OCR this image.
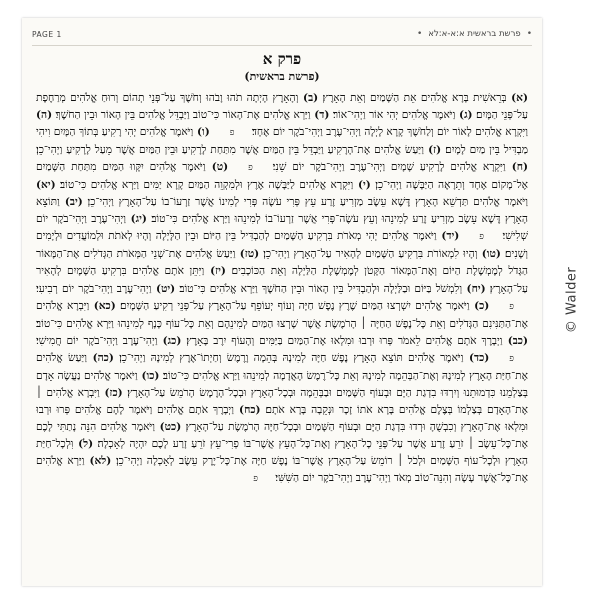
•
פרשת בראשית א:א-א:לא
•
PAGE 1
פרק א
(פרשת בראשית)
(א) בְּרֵאשִׁית בָּרָא אֱלֹהִים אֵת הַשָּׁמַיִם וְאֵת הָאָרֶץ׃ (ב) וְהָאָרֶץ הָיְתָה תֹהוּ וָבֹהוּ וְחֹשֶׁךְ עַל־פְּנֵי תְהוֹם וְרוּחַ אֱלֹהִים מְרַחֶפֶת עַל־פְּנֵי הַמָּיִם׃ (ג) וַיֹּאמֶר אֱלֹהִים יְהִי אוֹר וַיְהִי־אוֹר׃ (ד) וַיַּרְא אֱלֹהִים אֶת־הָאוֹר כִּי־טוֹב וַיַּבְדֵּל אֱלֹהִים בֵּין הָאוֹר וּבֵין הַחֹשֶׁךְ׃ (ה) וַיִּקְרָא אֱלֹהִים לָאוֹר יוֹם וְלַחֹשֶׁךְ קָרָא לָיְלָה וַיְהִי־עֶרֶב וַיְהִי־בֹקֶר יוֹם אֶחָד׃ פ(ו) וַיֹּאמֶר אֱלֹהִים יְהִי רָקִיעַ בְּתוֹךְ הַמָּיִם וִיהִי מַבְדִּיל בֵּין מַיִם לָמָיִם׃ (ז) וַיַּעַשׂ אֱלֹהִים אֶת־הָרָקִיעַ וַיַּבְדֵּל בֵּין הַמַּיִם אֲשֶׁר מִתַּחַת לָרָקִיעַ וּבֵין הַמַּיִם אֲשֶׁר מֵעַל לָרָקִיעַ וַיְהִי־כֵן׃ (ח) וַיִּקְרָא אֱלֹהִים לָרָקִיעַ שָׁמָיִם וַיְהִי־עֶרֶב וַיְהִי־בֹקֶר יוֹם שֵׁנִי׃ פ(ט) וַיֹּאמֶר אֱלֹהִים יִקָּווּ הַמַּיִם מִתַּחַת הַשָּׁמַיִם אֶל־מָקוֹם אֶחָד וְתֵרָאֶה הַיַּבָּשָׁה וַיְהִי־כֵן׃ (י) וַיִּקְרָא אֱלֹהִים לַיַּבָּשָׁה אֶרֶץ וּלְמִקְוֵה הַמַּיִם קָרָא יַמִּים וַיַּרְא אֱלֹהִים כִּי־טוֹב׃ (יא) וַיֹּאמֶר אֱלֹהִים תַּדְשֵׁא הָאָרֶץ דֶּשֶׁא עֵשֶׂב מַזְרִיעַ זֶרַע עֵץ פְּרִי עֹשֶׂה פְּרִי לְמִינוֹ אֲשֶׁר זַרְעוֹ־בוֹ עַל־הָאָרֶץ וַיְהִי־כֵן׃ (יב) וַתּוֹצֵא הָאָרֶץ דֶּשֶׁא עֵשֶׂב מַזְרִיעַ זֶרַע לְמִינֵהוּ וְעֵץ עֹשֶׂה־פְּרִי אֲשֶׁר זַרְעוֹ־בוֹ לְמִינֵהוּ וַיַּרְא אֱלֹהִים כִּי־טוֹב׃ (יג) וַיְהִי־עֶרֶב וַיְהִי־בֹקֶר יוֹם שְׁלִישִׁי׃ פ(יד) וַיֹּאמֶר אֱלֹהִים יְהִי מְאֹרֹת בִּרְקִיעַ הַשָּׁמַיִם לְהַבְדִּיל בֵּין הַיּוֹם וּבֵין הַלָּיְלָה וְהָיוּ לְאֹתֹת וּלְמוֹעֲדִים וּלְיָמִים וְשָׁנִים׃ (טו) וְהָיוּ לִמְאוֹרֹת בִּרְקִיעַ הַשָּׁמַיִם לְהָאִיר עַל־הָאָרֶץ וַיְהִי־כֵן׃ (טז) וַיַּעַשׂ אֱלֹהִים אֶת־שְׁנֵי הַמְּאֹרֹת הַגְּדֹלִים אֶת־הַמָּאוֹר הַגָּדֹל לְמֶמְשֶׁלֶת הַיּוֹם וְאֶת־הַמָּאוֹר הַקָּטֹן לְמֶמְשֶׁלֶת הַלַּיְלָה וְאֵת הַכּוֹכָבִים׃ (יז) וַיִּתֵּן אֹתָם אֱלֹהִים בִּרְקִיעַ הַשָּׁמָיִם לְהָאִיר עַל־הָאָרֶץ׃ (יח) וְלִמְשֹׁל בַּיּוֹם וּבַלַּיְלָה וּלְהַבְדִּיל בֵּין הָאוֹר וּבֵין הַחֹשֶׁךְ וַיַּרְא אֱלֹהִים כִּי־טוֹב׃ (יט) וַיְהִי־עֶרֶב וַיְהִי־בֹקֶר יוֹם רְבִיעִי׃ פ(כ) וַיֹּאמֶר אֱלֹהִים יִשְׁרְצוּ הַמַּיִם שֶׁרֶץ נֶפֶשׁ חַיָּה וְעוֹף יְעוֹפֵף עַל־הָאָרֶץ עַל־פְּנֵי רְקִיעַ הַשָּׁמָיִם׃ (כא) וַיִּבְרָא אֱלֹהִים אֶת־הַתַּנִּינִם הַגְּדֹלִים וְאֵת כָּל־נֶפֶשׁ הַחַיָּה ׀ הָרֹמֶשֶׂת אֲשֶׁר שָׁרְצוּ הַמַּיִם לְמִינֵהֶם וְאֵת כָּל־עוֹף כָּנָף לְמִינֵהוּ וַיַּרְא אֱלֹהִים כִּי־טוֹב׃ (כב) וַיְבָרֶךְ אֹתָם אֱלֹהִים לֵאמֹר פְּרוּ וּרְבוּ וּמִלְאוּ אֶת־הַמַּיִם בַּיַּמִּים וְהָעוֹף יִרֶב בָּאָרֶץ׃ (כג) וַיְהִי־עֶרֶב וַיְהִי־בֹקֶר יוֹם חֲמִישִׁי׃ פ(כד) וַיֹּאמֶר אֱלֹהִים תּוֹצֵא הָאָרֶץ נֶפֶשׁ חַיָּה לְמִינָהּ בְּהֵמָה וָרֶמֶשׂ וְחַיְתוֹ־אֶרֶץ לְמִינָהּ וַיְהִי־כֵן׃ (כה) וַיַּעַשׂ אֱלֹהִים אֶת־חַיַּת הָאָרֶץ לְמִינָהּ וְאֶת־הַבְּהֵמָה לְמִינָהּ וְאֵת כָּל־רֶמֶשׂ הָאֲדָמָה לְמִינֵהוּ וַיַּרְא אֱלֹהִים כִּי־טוֹב׃ (כו) וַיֹּאמֶר אֱלֹהִים נַעֲשֶׂה אָדָם בְּצַלְמֵנוּ כִּדְמוּתֵנוּ וְיִרְדּוּ בִדְגַת הַיָּם וּבְעוֹף הַשָּׁמַיִם וּבַבְּהֵמָה וּבְכָל־הָאָרֶץ וּבְכָל־הָרֶמֶשׂ הָרֹמֵשׂ עַל־הָאָרֶץ׃ (כז) וַיִּבְרָא אֱלֹהִים ׀ אֶת־הָאָדָם בְּצַלְמוֹ בְּצֶלֶם אֱלֹהִים בָּרָא אֹתוֹ זָכָר וּנְקֵבָה בָּרָא אֹתָם׃ (כח) וַיְבָרֶךְ אֹתָם אֱלֹהִים וַיֹּאמֶר לָהֶם אֱלֹהִים פְּרוּ וּרְבוּ וּמִלְאוּ אֶת־הָאָרֶץ וְכִבְשֻׁהָ וּרְדוּ בִּדְגַת הַיָּם וּבְעוֹף הַשָּׁמַיִם וּבְכָל־חַיָּה הָרֹמֶשֶׂת עַל־הָאָרֶץ׃ (כט) וַיֹּאמֶר אֱלֹהִים הִנֵּה נָתַתִּי לָכֶם אֶת־כָּל־עֵשֶׂב ׀ זֹרֵעַ זֶרַע אֲשֶׁר עַל־פְּנֵי כָל־הָאָרֶץ וְאֶת־כָּל־הָעֵץ אֲשֶׁר־בּוֹ פְרִי־עֵץ זֹרֵעַ זָרַע לָכֶם יִהְיֶה לְאָכְלָה׃ (ל) וּֽלְכָל־חַיַּת הָאָרֶץ וּלְכָל־עוֹף הַשָּׁמַיִם וּלְכֹל ׀ רוֹמֵשׂ עַל־הָאָרֶץ אֲשֶׁר־בּוֹ נֶפֶשׁ חַיָּה אֶת־כָּל־יֶרֶק עֵשֶׂב לְאָכְלָה וַיְהִי־כֵן׃ (לא) וַיַּרְא אֱלֹהִים אֶת־כָּל־אֲשֶׁר עָשָׂה וְהִנֵּה־טוֹב מְאֹד וַיְהִי־עֶרֶב וַיְהִי־בֹקֶר יוֹם הַשִּׁשִּׁי׃ פ
© Walder
